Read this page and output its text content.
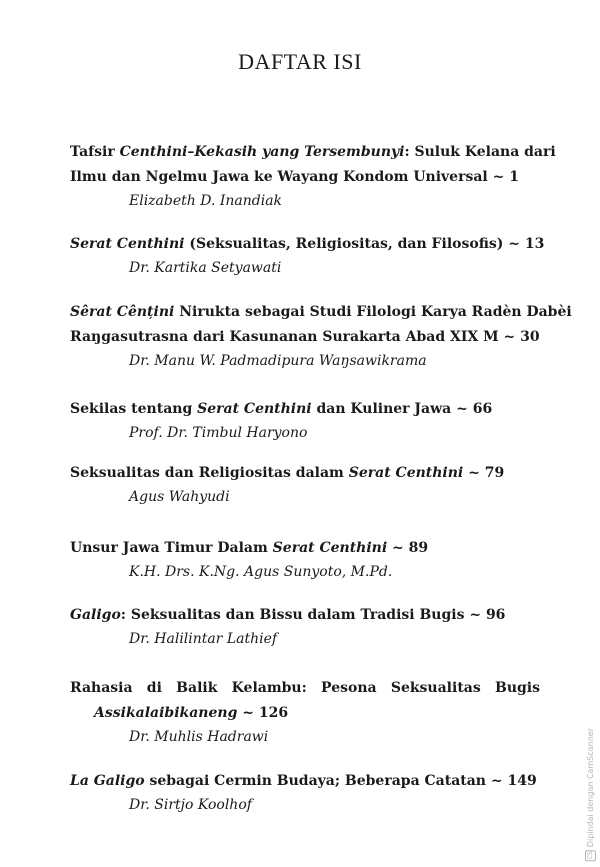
DAFTAR ISI
Tafsir Centhini–Kekasih yang Tersembunyi: Suluk Kelana dari
Ilmu dan Ngelmu Jawa ke Wayang Kondom Universal ~ 1
Elizabeth D. Inandiak
Serat Centhini (Seksualitas, Religiositas, dan Filosofis) ~ 13
Dr. Kartika Setyawati
Sêrat Cênțini Nirukta sebagai Studi Filologi Karya Radèn Dabèi
Raŋgasutrasna dari Kasunanan Surakarta Abad XIX M ~ 30
Dr. Manu W. Padmadipura Waŋsawikrama
Sekilas tentang Serat Centhini dan Kuliner Jawa ~ 66
Prof. Dr. Timbul Haryono
Seksualitas dan Religiositas dalam Serat Centhini ~ 79
Agus Wahyudi
Unsur Jawa Timur Dalam Serat Centhini ~ 89
K.H. Drs. K.Ng. Agus Sunyoto, M.Pd.
Galigo: Seksualitas dan Bissu dalam Tradisi Bugis ~ 96
Dr. Halilintar Lathief
Rahasia di Balik Kelambu: Pesona Seksualitas Bugis
Assikalaibikaneng ~ 126
Dr. Muhlis Hadrawi
La Galigo sebagai Cermin Budaya; Beberapa Catatan ~ 149
Dr. Sirtjo Koolhof
CS
Dipindai dengan CamScanner
